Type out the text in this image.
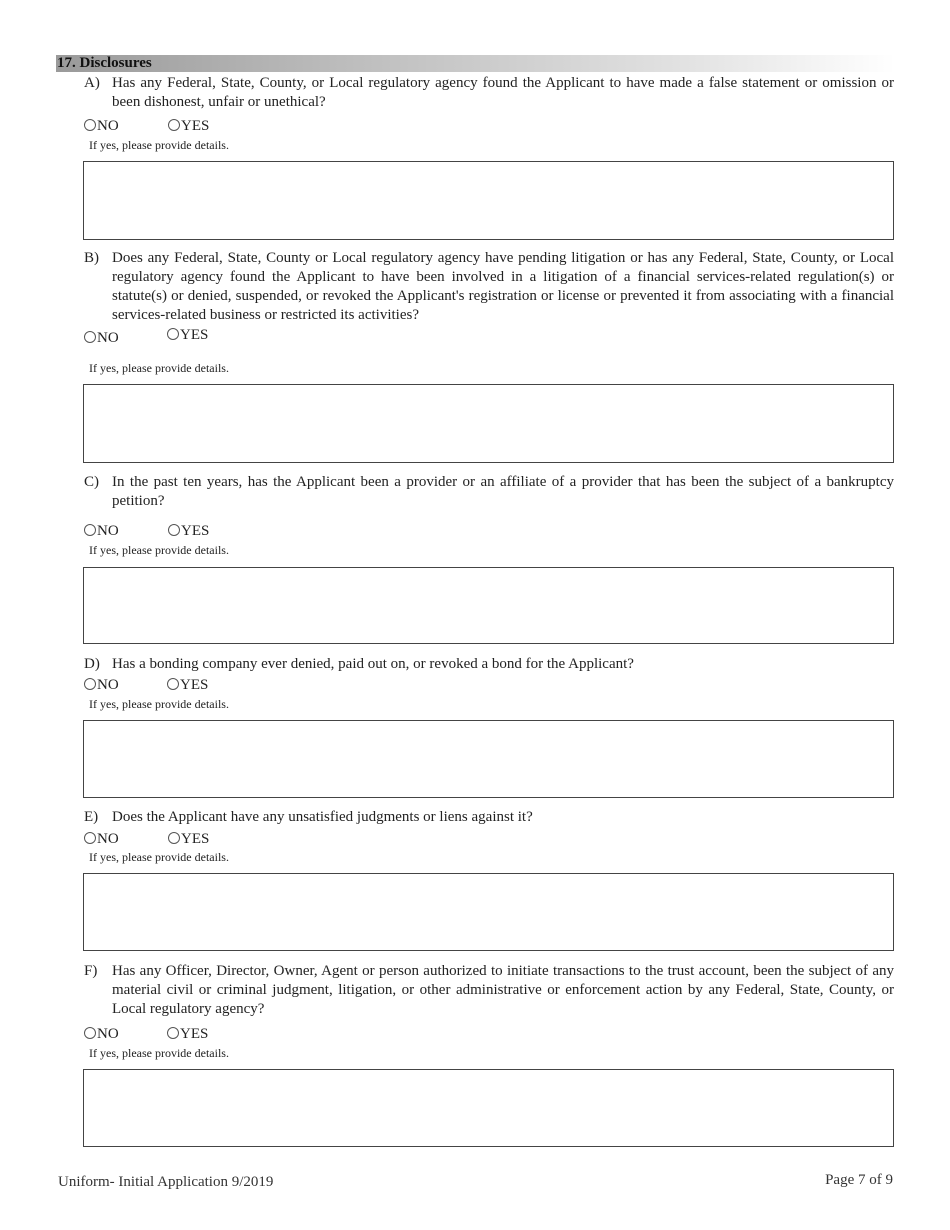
17. Disclosures
A) Has any Federal, State, County, or Local regulatory agency found the Applicant to have made a false statement or omission or been dishonest, unfair or unethical?
NO	YES
If yes, please provide details.
B) Does any Federal, State, County or Local regulatory agency have pending litigation or has any Federal, State, County, or Local regulatory agency found the Applicant to have been involved in a litigation of a financial services-related regulation(s) or statute(s) or denied, suspended, or revoked the Applicant's registration or license or prevented it from associating with a financial services-related business or restricted its activities?
NO	YES
If yes, please provide details.
C) In the past ten years, has the Applicant been a provider or an affiliate of a provider that has been the subject of a bankruptcy petition?
NO	YES
If yes, please provide details.
D) Has a bonding company ever denied, paid out on, or revoked a bond for the Applicant?
NO	YES
If yes, please provide details.
E) Does the Applicant have any unsatisfied judgments or liens against it?
NO	YES
If yes, please provide details.
F) Has any Officer, Director, Owner, Agent or person authorized to initiate transactions to the trust account, been the subject of any material civil or criminal judgment, litigation, or other administrative or enforcement action by any Federal, State, County, or Local regulatory agency?
NO	YES
If yes, please provide details.
Uniform- Initial Application 9/2019	Page 7 of 9
